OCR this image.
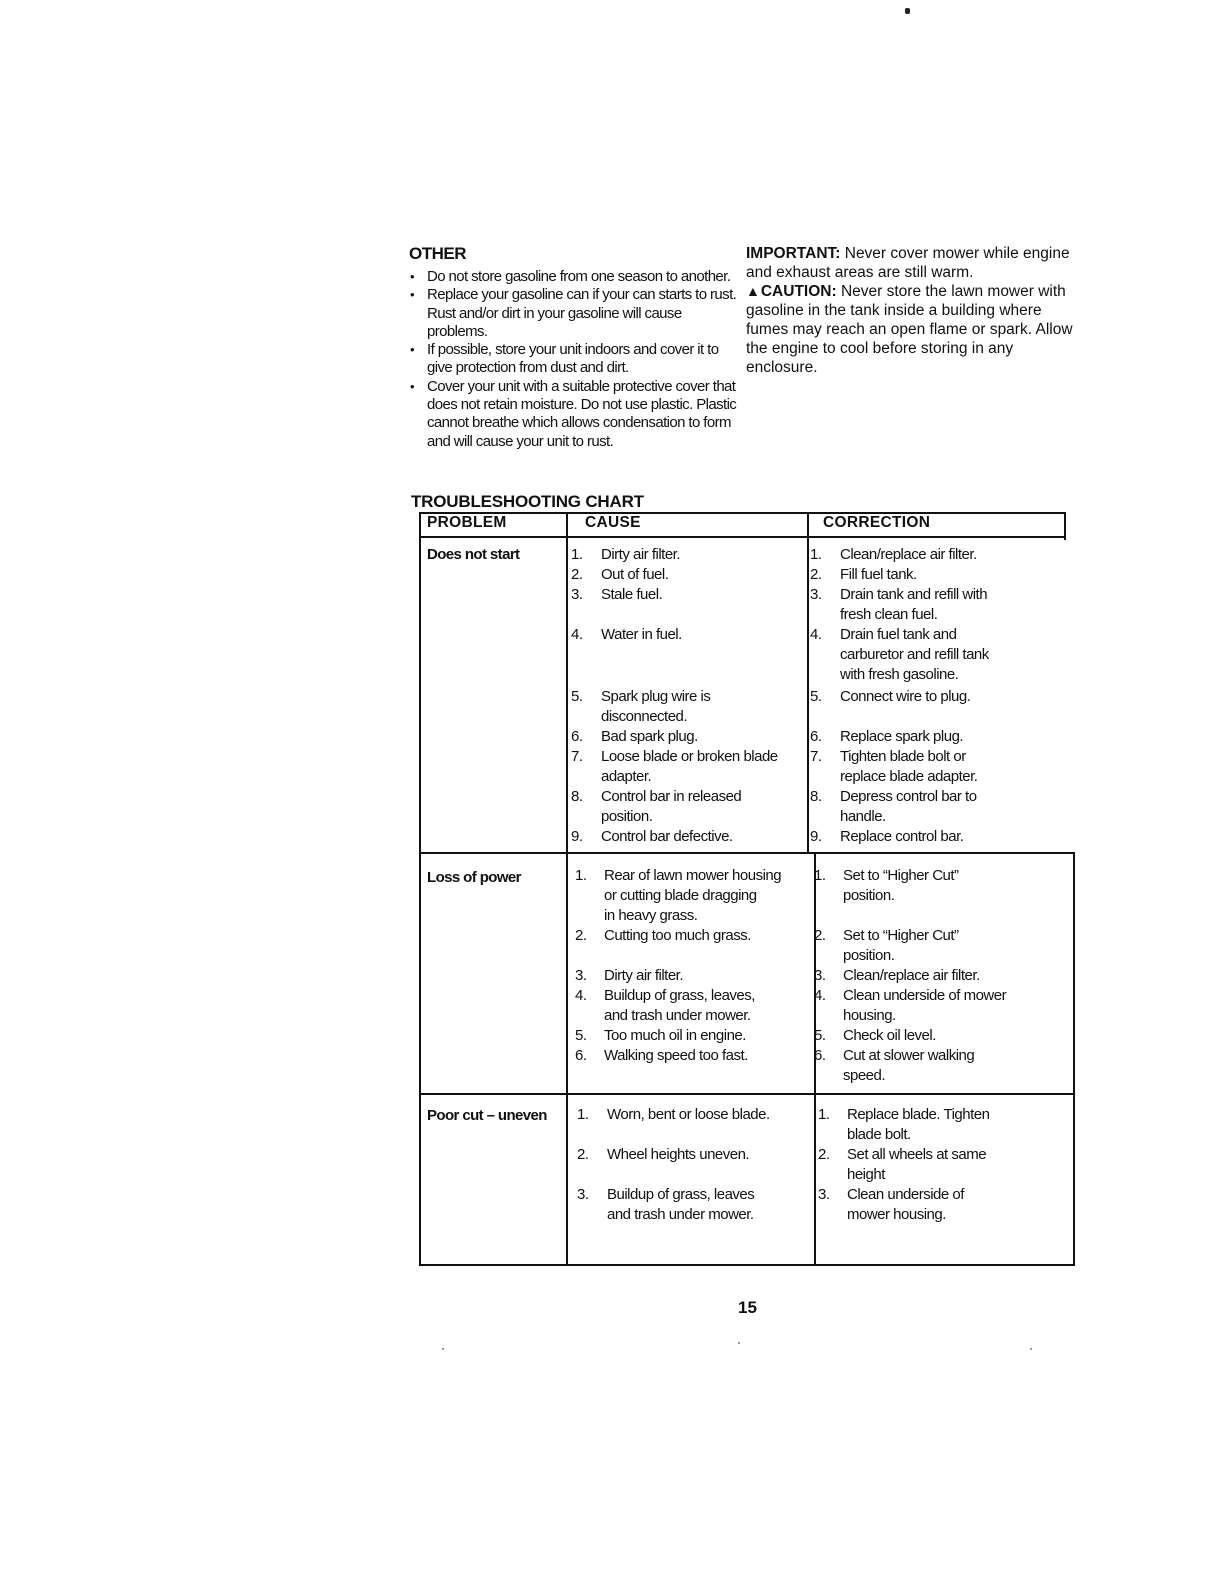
OTHER
• Do not store gasoline from one season to another.
• Replace your gasoline can if your can starts to rust. Rust and/or dirt in your gasoline will cause problems.
• If possible, store your unit indoors and cover it to give protection from dust and dirt.
• Cover your unit with a suitable protective cover that does not retain moisture. Do not use plastic. Plastic cannot breathe which allows condensation to form and will cause your unit to rust.

IMPORTANT: Never cover mower while engine and exhaust areas are still warm.

▲CAUTION: Never store the lawn mower with gasoline in the tank inside a building where fumes may reach an open flame or spark. Allow the engine to cool before storing in any enclosure.

TROUBLESHOOTING CHART
PROBLEM	CAUSE	CORRECTION
Does not start
Loss of power
Poor cut – uneven
1. Dirty air filter.
2. Out of fuel.
3. Stale fuel.
4. Water in fuel.
5. Spark plug wire is
disconnected.
6. Bad spark plug.
7. Loose blade or broken blade
adapter.
8. Control bar in released
position.
9. Control bar defective.
1. Clean/replace air filter.
2. Fill fuel tank.
3. Drain tank and refill with
fresh clean fuel.
4. Drain fuel tank and
carburetor and refill tank
with fresh gasoline.
5. Connect wire to plug.
6. Replace spark plug.
7. Tighten blade bolt or
replace blade adapter.
8. Depress control bar to
handle.
9. Replace control bar.
1. Rear of lawn mower housing
or cutting blade dragging
in heavy grass.
2. Cutting too much grass.
3. Dirty air filter.
4. Buildup of grass, leaves,
and trash under mower.
5. Too much oil in engine.
6. Walking speed too fast.
1. Set to “Higher Cut”
position.
2. Set to “Higher Cut”
position.
3. Clean/replace air filter.
4. Clean underside of mower
housing.
5. Check oil level.
6. Cut at slower walking
speed.
1. Worn, bent or loose blade.
2. Wheel heights uneven.
3. Buildup of grass, leaves
and trash under mower.
1. Replace blade. Tighten
blade bolt.
2. Set all wheels at same
height
3. Clean underside of
mower housing.
15
